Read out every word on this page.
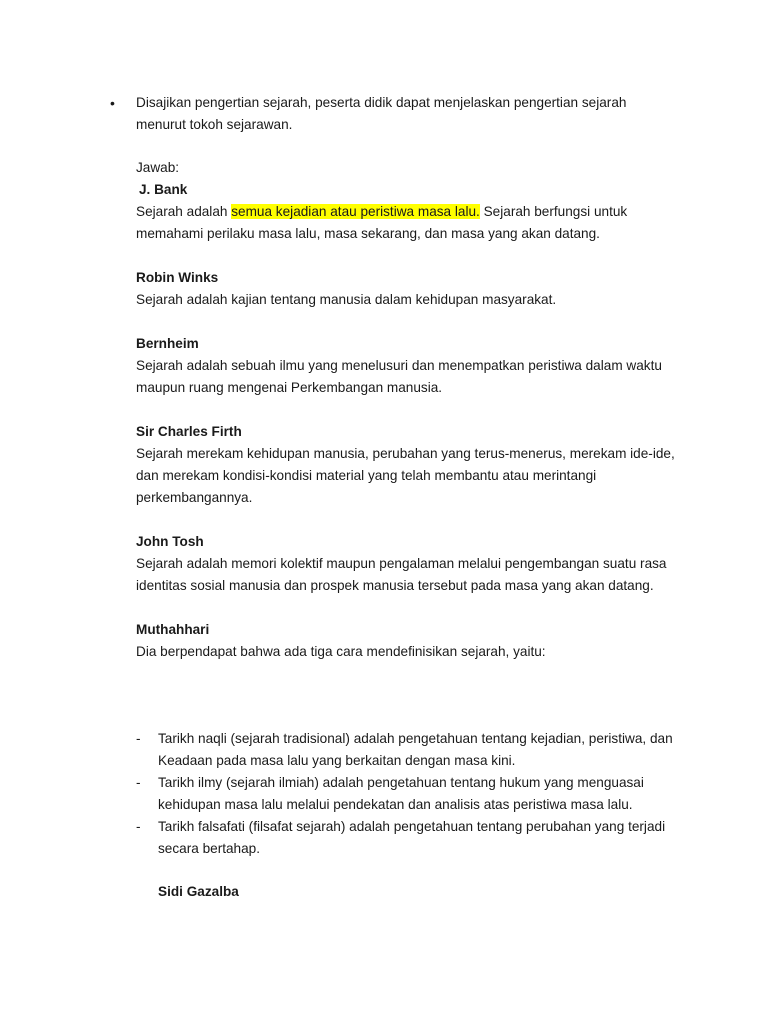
• Disajikan pengertian sejarah, peserta didik dapat menjelaskan pengertian sejarah menurut tokoh sejarawan.

Jawab:

J. Bank

Sejarah adalah semua kejadian atau peristiwa masa lalu. Sejarah berfungsi untuk memahami perilaku masa lalu, masa sekarang, dan masa yang akan datang.

Robin Winks

Sejarah adalah kajian tentang manusia dalam kehidupan masyarakat.

Bernheim

Sejarah adalah sebuah ilmu yang menelusuri dan menempatkan peristiwa dalam waktu maupun ruang mengenai Perkembangan manusia.

Sir Charles Firth

Sejarah merekam kehidupan manusia, perubahan yang terus-menerus, merekam ide-ide, dan merekam kondisi-kondisi material yang telah membantu atau merintangi perkembangannya.

John Tosh

Sejarah adalah memori kolektif maupun pengalaman melalui pengembangan suatu rasa identitas sosial manusia dan prospek manusia tersebut pada masa yang akan datang.

Muthahhari

Dia berpendapat bahwa ada tiga cara mendefinisikan sejarah, yaitu:

- Tarikh naqli (sejarah tradisional) adalah pengetahuan tentang kejadian, peristiwa, dan Keadaan pada masa lalu yang berkaitan dengan masa kini.
- Tarikh ilmy (sejarah ilmiah) adalah pengetahuan tentang hukum yang menguasai kehidupan masa lalu melalui pendekatan dan analisis atas peristiwa masa lalu.
- Tarikh falsafati (filsafat sejarah) adalah pengetahuan tentang perubahan yang terjadi secara bertahap.
Sidi Gazalba
